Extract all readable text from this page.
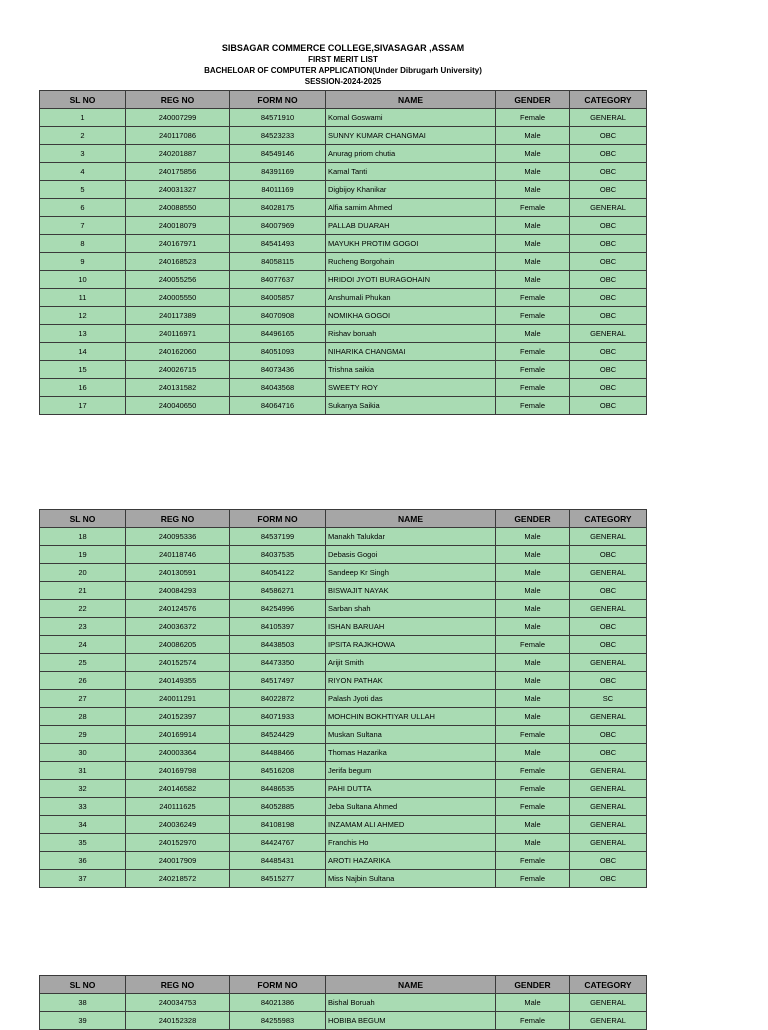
SIBSAGAR COMMERCE COLLEGE,SIVASAGAR ,ASSAM
FIRST MERIT LIST
BACHELOAR OF COMPUTER APPLICATION(Under Dibrugarh University)
SESSION-2024-2025
SL NO	REG NO	FORM NO	NAME	GENDER	CATEGORY
1	240007299	84571910	Komal Goswami	Female	GENERAL
2	240117086	84523233	SUNNY KUMAR CHANGMAI	Male	OBC
3	240201887	84549146	Anurag priom chutia	Male	OBC
4	240175856	84391169	Kamal Tanti	Male	OBC
5	240031327	84011169	Digbijoy Khanikar	Male	OBC
6	240088550	84028175	Alfia samim Ahmed	Female	GENERAL
7	240018079	84007969	PALLAB DUARAH	Male	OBC
8	240167971	84541493	MAYUKH PROTIM GOGOI	Male	OBC
9	240168523	84058115	Rucheng Borgohain	Male	OBC
10	240055256	84077637	HRIDOI JYOTI BURAGOHAIN	Male	OBC
11	240005550	84005857	Anshumali Phukan	Female	OBC
12	240117389	84070908	NOMIKHA GOGOI	Female	OBC
13	240116971	84496165	Rishav boruah	Male	GENERAL
14	240162060	84051093	NIHARIKA CHANGMAI	Female	OBC
15	240026715	84073436	Trishna saikia	Female	OBC
16	240131582	84043568	SWEETY ROY	Female	OBC
17	240040650	84064716	Sukanya Saikia	Female	OBC
SL NO	REG NO	FORM NO	NAME	GENDER	CATEGORY
18	240095336	84537199	Manakh Talukdar	Male	GENERAL
19	240118746	84037535	Debasis Gogoi	Male	OBC
20	240130591	84054122	Sandeep Kr Singh	Male	GENERAL
21	240084293	84586271	BISWAJIT NAYAK	Male	OBC
22	240124576	84254996	Sarban shah	Male	GENERAL
23	240036372	84105397	ISHAN BARUAH	Male	OBC
24	240086205	84438503	IPSITA RAJKHOWA	Female	OBC
25	240152574	84473350	Arijit Smith	Male	GENERAL
26	240149355	84517497	RIYON PATHAK	Male	OBC
27	240011291	84022872	Palash Jyoti das	Male	SC
28	240152397	84071933	MOHCHIN BOKHTIYAR ULLAH	Male	GENERAL
29	240169914	84524429	Muskan Sultana	Female	OBC
30	240003364	84488466	Thomas Hazarika	Male	OBC
31	240169798	84516208	Jerifa begum	Female	GENERAL
32	240146582	84486535	PAHI DUTTA	Female	GENERAL
33	240111625	84052885	Jeba Sultana Ahmed	Female	GENERAL
34	240036249	84108198	INZAMAM ALI AHMED	Male	GENERAL
35	240152970	84424767	Franchis Ho	Male	GENERAL
36	240017909	84485431	AROTI HAZARIKA	Female	OBC
37	240218572	84515277	Miss Najbin Sultana	Female	OBC
SL NO	REG NO	FORM NO	NAME	GENDER	CATEGORY
38	240034753	84021386	Bishal Boruah	Male	GENERAL
39	240152328	84255983	HOBIBA BEGUM	Female	GENERAL
